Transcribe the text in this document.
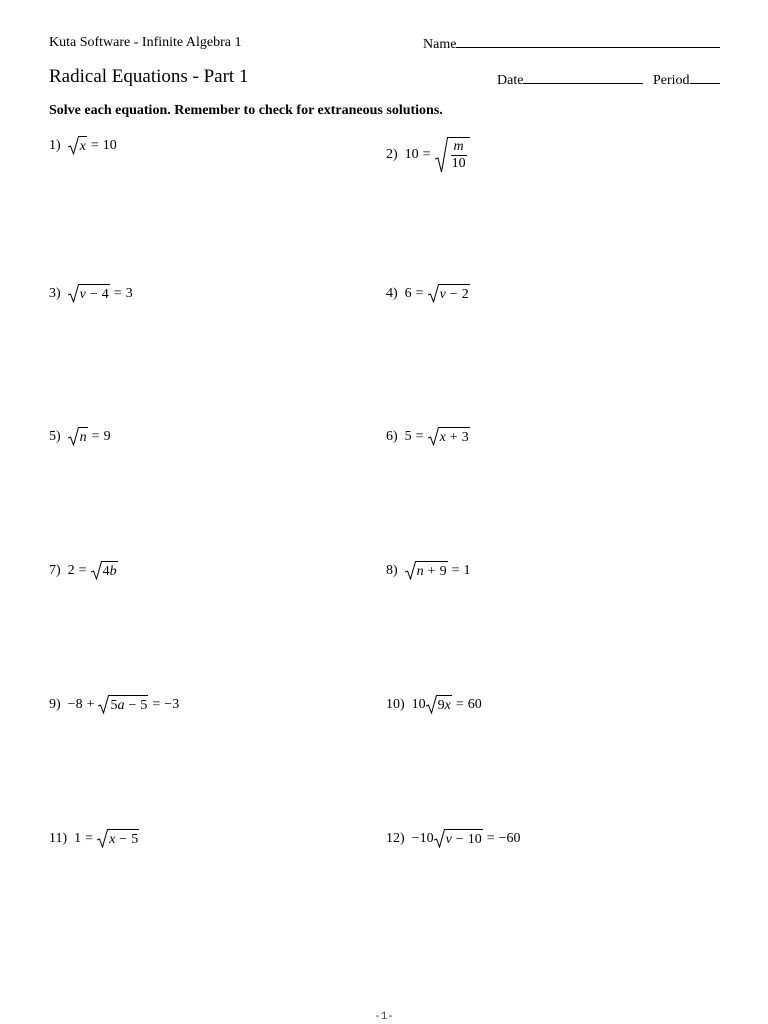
Kuta Software - Infinite Algebra 1	Name
Radical Equations - Part 1	Date	Period
Solve each equation. Remember to check for extraneous solutions.
1) x = 10
2) $10 = \frac{m}{10}$
3) v − 4 = 3	4) 6 = v − 2
5) n = 9	6) 5 = x + 3
7) 2 = 4b	8) n + 9 = 1
9) −8 + 5a − 5 = −3	10) 10 9x = 60
11) 1 = x − 5	12) −10 v − 10 = −60
-1-
